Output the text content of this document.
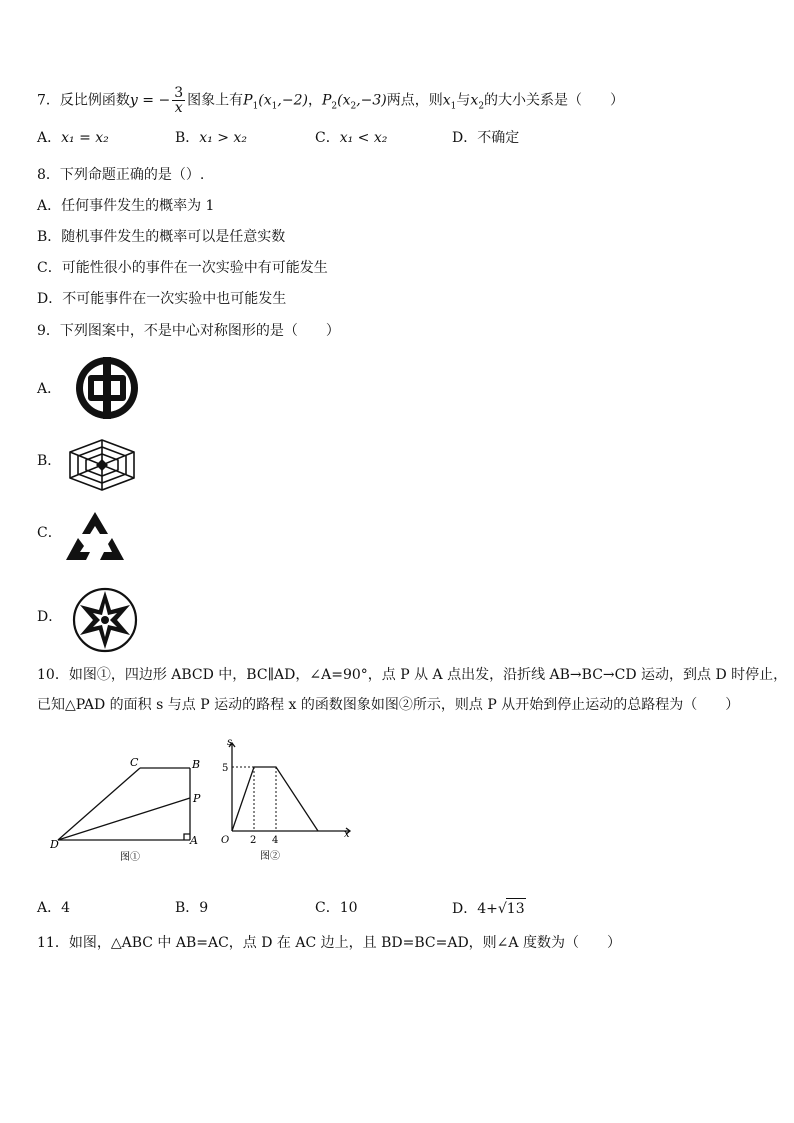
7．反比例函数y = − $\frac{3}{x}$ 图象上有$P_1(x_1,-2)$，$P_2(x_2,-3)$两点，则$x_1$与$x_2$的大小关系是（　　）
A．x₁ = x₂	B．x₁ > x₂	C．x₁ < x₂	D．不确定
8．下列命题正确的是（）.
A．任何事件发生的概率为 1
B．随机事件发生的概率可以是任意实数
C．可能性很小的事件在一次实验中有可能发生
D．不可能事件在一次实验中也可能发生
9．下列图案中，不是中心对称图形的是（　　）
A．
B．
C．
D．
10．如图①，四边形 ABCD 中，BC∥AD，∠A=90°，点 P 从 A 点出发，沿折线 AB→BC→CD 运动，到点 D 时停止，
已知△PAD 的面积 s 与点 P 运动的路程 x 的函数图象如图②所示，则点 P 从开始到停止运动的总路程为（　　）
C	B
P
D	A
图①
s
5
O 2 4
x
图②
A．4	B．9	C．10	D．4+√13
11．如图，△ABC 中 AB=AC，点 D 在 AC 边上，且 BD=BC=AD，则∠A 度数为（　　）
